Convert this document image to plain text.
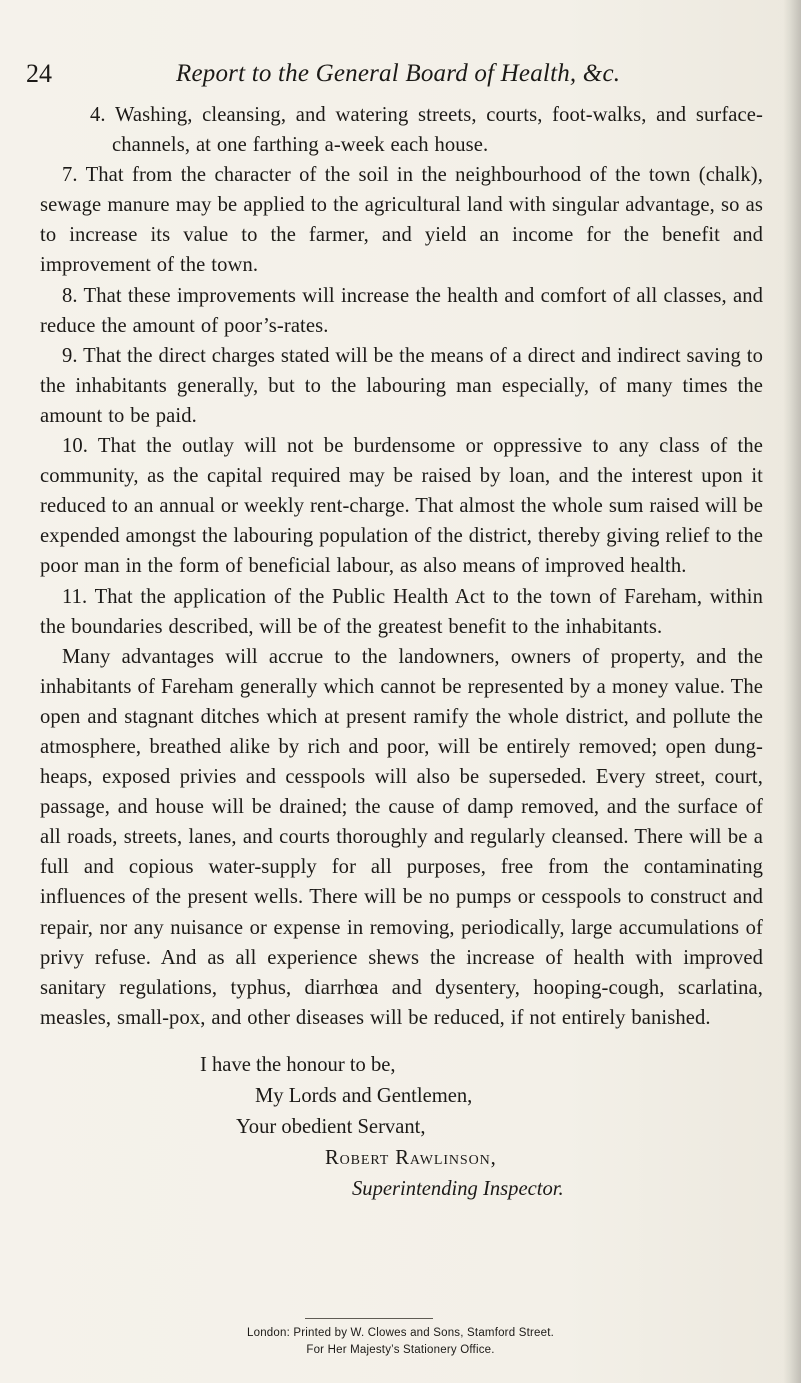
24	Report to the General Board of Health, &c.

4. Washing, cleansing, and watering streets, courts, foot-walks, and surface-channels, at one farthing a-week each house.

7. That from the character of the soil in the neighbourhood of the town (chalk), sewage manure may be applied to the agricultural land with singular advantage, so as to increase its value to the farmer, and yield an income for the benefit and improvement of the town.

8. That these improvements will increase the health and comfort of all classes, and reduce the amount of poor’s-rates.

9. That the direct charges stated will be the means of a direct and indirect saving to the inhabitants generally, but to the labouring man especially, of many times the amount to be paid.

10. That the outlay will not be burdensome or oppressive to any class of the community, as the capital required may be raised by loan, and the interest upon it reduced to an annual or weekly rent-charge. That almost the whole sum raised will be expended amongst the labouring population of the district, thereby giving relief to the poor man in the form of beneficial labour, as also means of improved health.

11. That the application of the Public Health Act to the town of Fareham, within the boundaries described, will be of the greatest benefit to the inhabitants.

Many advantages will accrue to the landowners, owners of property, and the inhabitants of Fareham generally which cannot be represented by a money value. The open and stagnant ditches which at present ramify the whole district, and pollute the atmosphere, breathed alike by rich and poor, will be entirely removed; open dung-heaps, exposed privies and cesspools will also be superseded. Every street, court, passage, and house will be drained; the cause of damp removed, and the surface of all roads, streets, lanes, and courts thoroughly and regularly cleansed. There will be a full and copious water-supply for all purposes, free from the contaminating influences of the present wells. There will be no pumps or cesspools to construct and repair, nor any nuisance or expense in removing, periodically, large accumulations of privy refuse. And as all experience shews the increase of health with improved sanitary regulations, typhus, diarrhœa and dysentery, hooping-cough, scarlatina, measles, small-pox, and other diseases will be reduced, if not entirely banished.

I have the honour to be,
My Lords and Gentlemen,
Your obedient Servant,
Robert Rawlinson,
Superintending Inspector.
London: Printed by W. Clowes and Sons, Stamford Street.
For Her Majesty’s Stationery Office.
